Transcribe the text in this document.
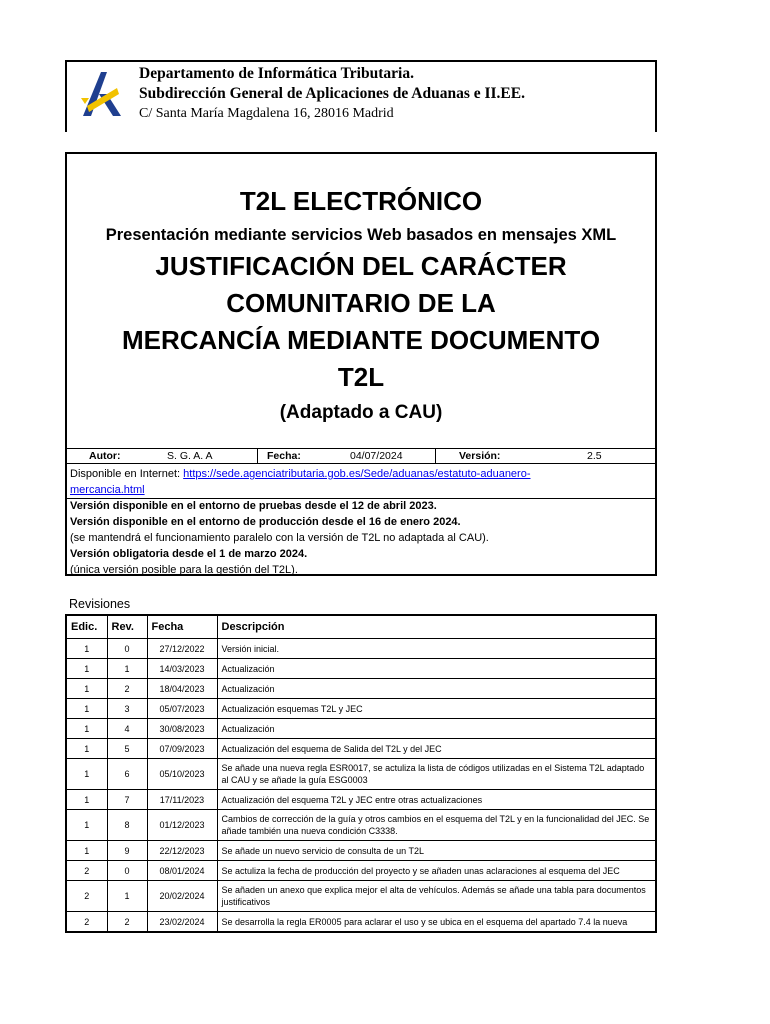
Departamento de Informática Tributaria.
Subdirección General de Aplicaciones de Aduanas e II.EE.
C/ Santa María Magdalena 16, 28016 Madrid
T2L ELECTRÓNICO
Presentación mediante servicios Web basados en mensajes XML
JUSTIFICACIÓN DEL CARÁCTER
COMUNITARIO DE LA
MERCANCÍA MEDIANTE DOCUMENTO
T2L
(Adaptado a CAU)
Autor:	S. G. A. A	Fecha:	04/07/2024	Versión:	2.5
Disponible en Internet: https://sede.agenciatributaria.gob.es/Sede/aduanas/estatuto-aduanero-
mercancia.html
Versión disponible en el entorno de pruebas desde el 12 de abril 2023.
Versión disponible en el entorno de producción desde el 16 de enero 2024.
(se mantendrá el funcionamiento paralelo con la versión de T2L no adaptada al CAU).
Versión obligatoria desde el 1 de marzo 2024.
(única versión posible para la gestión del T2L).
Revisiones
Edic.	Rev.	Fecha	Descripción
1	0	27/12/2022	Versión inicial.
1	1	14/03/2023	Actualización
1	2	18/04/2023	Actualización
1	3	05/07/2023	Actualización esquemas T2L y JEC
1	4	30/08/2023	Actualización
1	5	07/09/2023	Actualización del esquema de Salida del T2L y del JEC
1	6	05/10/2023	Se añade una nueva regla ESR0017, se actuliza la lista de códigos utilizadas en el Sistema T2L adaptado al CAU y se añade la guía ESG0003
1	7	17/11/2023	Actualización del esquema T2L y JEC entre otras actualizaciones
1	8	01/12/2023	Cambios de corrección de la guía y otros cambios en el esquema del T2L y en la funcionalidad del JEC. Se añade también una nueva condición C3338.
1	9	22/12/2023	Se añade un nuevo servicio de consulta de un T2L
2	0	08/01/2024	Se actuliza la fecha de producción del proyecto y se añaden unas aclaraciones al esquema del JEC
2	1	20/02/2024	Se añaden un anexo que explica mejor el alta de vehículos. Además se añade una tabla para documentos justificativos
2	2	23/02/2024	Se desarrolla la regla ER0005 para aclarar el uso y se ubica en el esquema del apartado 7.4 la nueva
